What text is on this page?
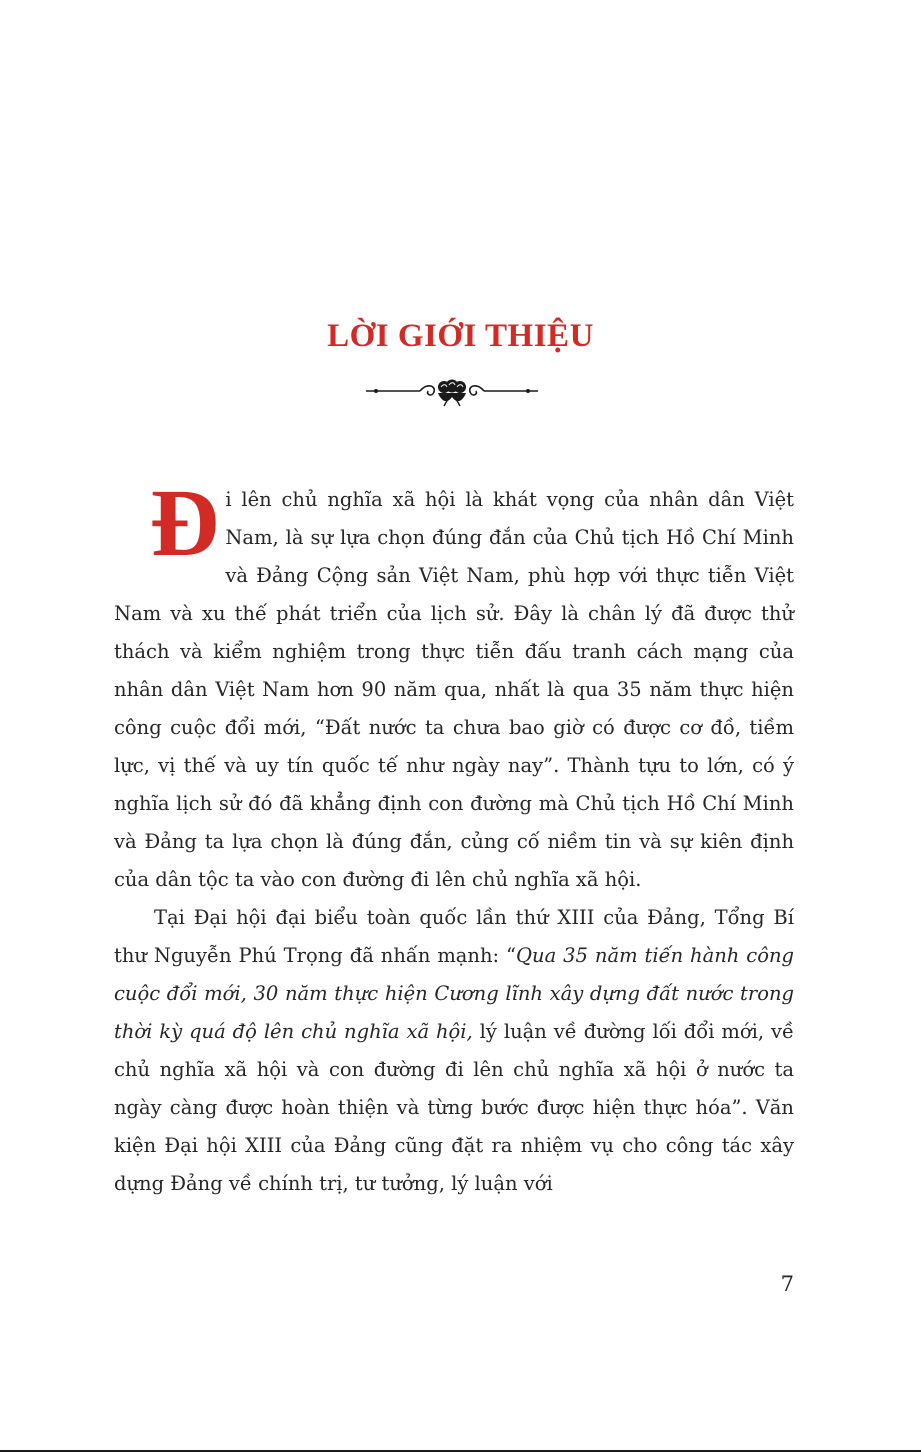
LỜI GIỚI THIỆU

Đi lên chủ nghĩa xã hội là khát vọng của nhân dân Việt Nam, là sự lựa chọn đúng đắn của Chủ tịch Hồ Chí Minh và Đảng Cộng sản Việt Nam, phù hợp với thực tiễn Việt Nam và xu thế phát triển của lịch sử. Đây là chân lý đã được thử thách và kiểm nghiệm trong thực tiễn đấu tranh cách mạng của nhân dân Việt Nam hơn 90 năm qua, nhất là qua 35 năm thực hiện công cuộc đổi mới, “Đất nước ta chưa bao giờ có được cơ đồ, tiềm lực, vị thế và uy tín quốc tế như ngày nay”. Thành tựu to lớn, có ý nghĩa lịch sử đó đã khẳng định con đường mà Chủ tịch Hồ Chí Minh và Đảng ta lựa chọn là đúng đắn, củng cố niềm tin và sự kiên định của dân tộc ta vào con đường đi lên chủ nghĩa xã hội.

Tại Đại hội đại biểu toàn quốc lần thứ XIII của Đảng, Tổng Bí thư Nguyễn Phú Trọng đã nhấn mạnh: “Qua 35 năm tiến hành công cuộc đổi mới, 30 năm thực hiện Cương lĩnh xây dựng đất nước trong thời kỳ quá độ lên chủ nghĩa xã hội, lý luận về đường lối đổi mới, về chủ nghĩa xã hội và con đường đi lên chủ nghĩa xã hội ở nước ta ngày càng được hoàn thiện và từng bước được hiện thực hóa”. Văn kiện Đại hội XIII của Đảng cũng đặt ra nhiệm vụ cho công tác xây dựng Đảng về chính trị, tư tưởng, lý luận với

7
